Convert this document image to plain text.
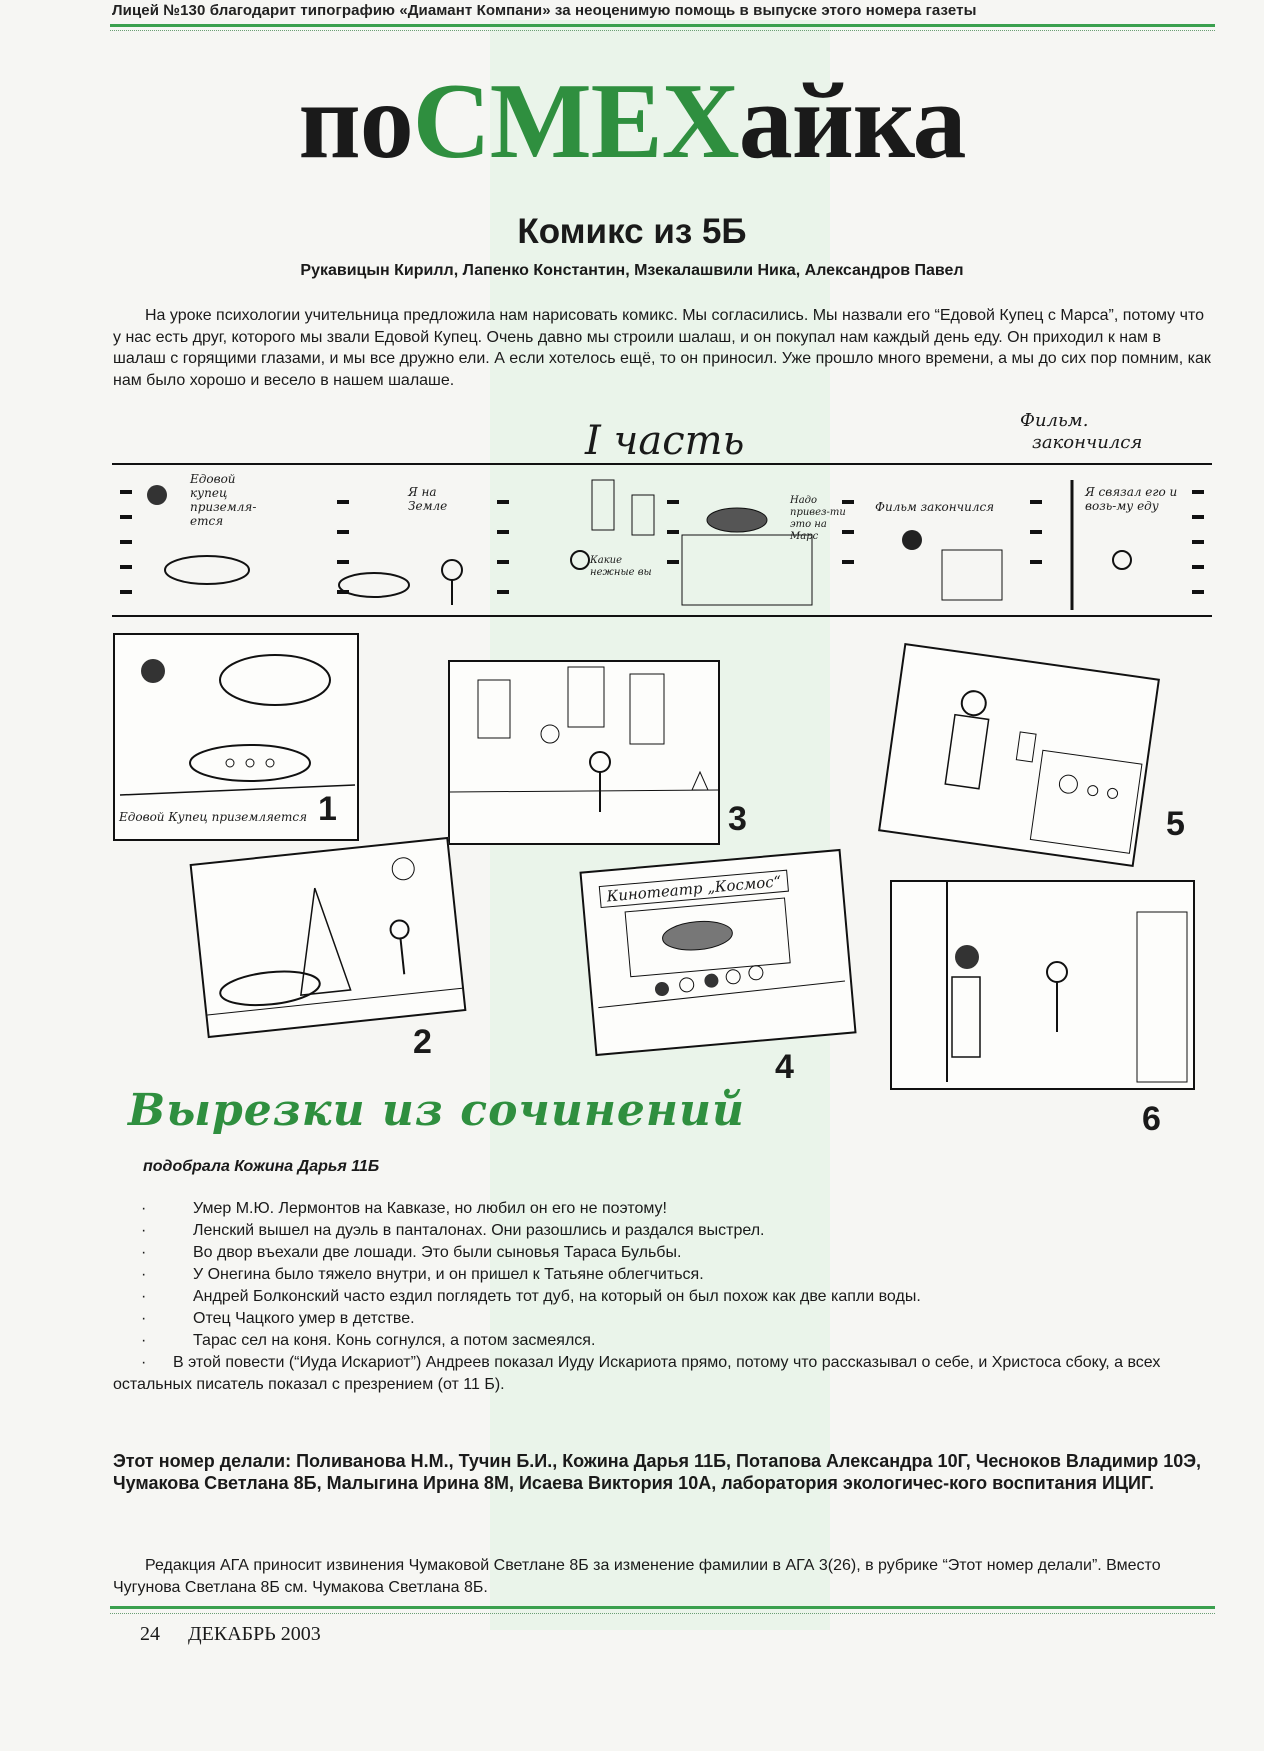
Лицей №130 благодарит типографию «Диамант Компани» за неоценимую помощь в выпуске этого номера газеты
поСМЕХайка
Комикс из 5Б
Рукавицын Кирилл, Лапенко Константин, Мзекалашвили Ника, Александров Павел

На уроке психологии учительница предложила нам нарисовать комикс. Мы согласились. Мы назвали его “Едовой Купец с Марса”, потому что у нас есть друг, которого мы звали Едовой Купец. Очень давно мы строили шалаш, и он покупал нам каждый день еду. Он приходил к нам в шалаш с горящими глазами, и мы все дружно ели. А если хотелось ещё, то он приносил. Уже прошло много времени, а мы до сих пор помним, как нам было хорошо и весело в нашем шалаше.

I часть	Фильм.
закончился
Едовой купец приземля-ется
Я на Земле
Какие нежные вы
Надо привез-ти это на Марс
Фильм закончился
Я связал его и возь-му еду
Едовой Купец приземляется 1	3	5
2
Кинотеатр „Космос“
4
6
Вырезки из сочинений
подобрала Кожина Дарья 11Б
· Умер М.Ю. Лермонтов на Кавказе, но любил он его не поэтому!
· Ленский вышел на дуэль в панталонах. Они разошлись и раздался выстрел.
· Во двор въехали две лошади. Это были сыновья Тараса Бульбы.
· У Онегина было тяжело внутри, и он пришел к Татьяне облегчиться.
· Андрей Болконский часто ездил поглядеть тот дуб, на который он был похож как две капли воды.
· Отец Чацкого умер в детстве.
· Тарас сел на коня. Конь согнулся, а потом засмеялся.
· В этой повести (“Иуда Искариот”) Андреев показал Иуду Искариота прямо, потому что рассказывал о себе, и Христоса сбоку, а всех остальных писатель показал с презрением (от 11 Б).

Этот номер делали: Поливанова Н.М., Тучин Б.И., Кожина Дарья 11Б, Потапова Александра 10Г, Чесноков Владимир 10Э, Чумакова Светлана 8Б, Малыгина Ирина 8М, Исаева Виктория 10А, лаборатория экологичес-кого воспитания ИЦИГ.

Редакция АГА приносит извинения Чумаковой Светлане 8Б за изменение фамилии в АГА 3(26), в рубрике “Этот номер делали”. Вместо Чугунова Светлана 8Б см. Чумакова Светлана 8Б.

24 ДЕКАБРЬ 2003
